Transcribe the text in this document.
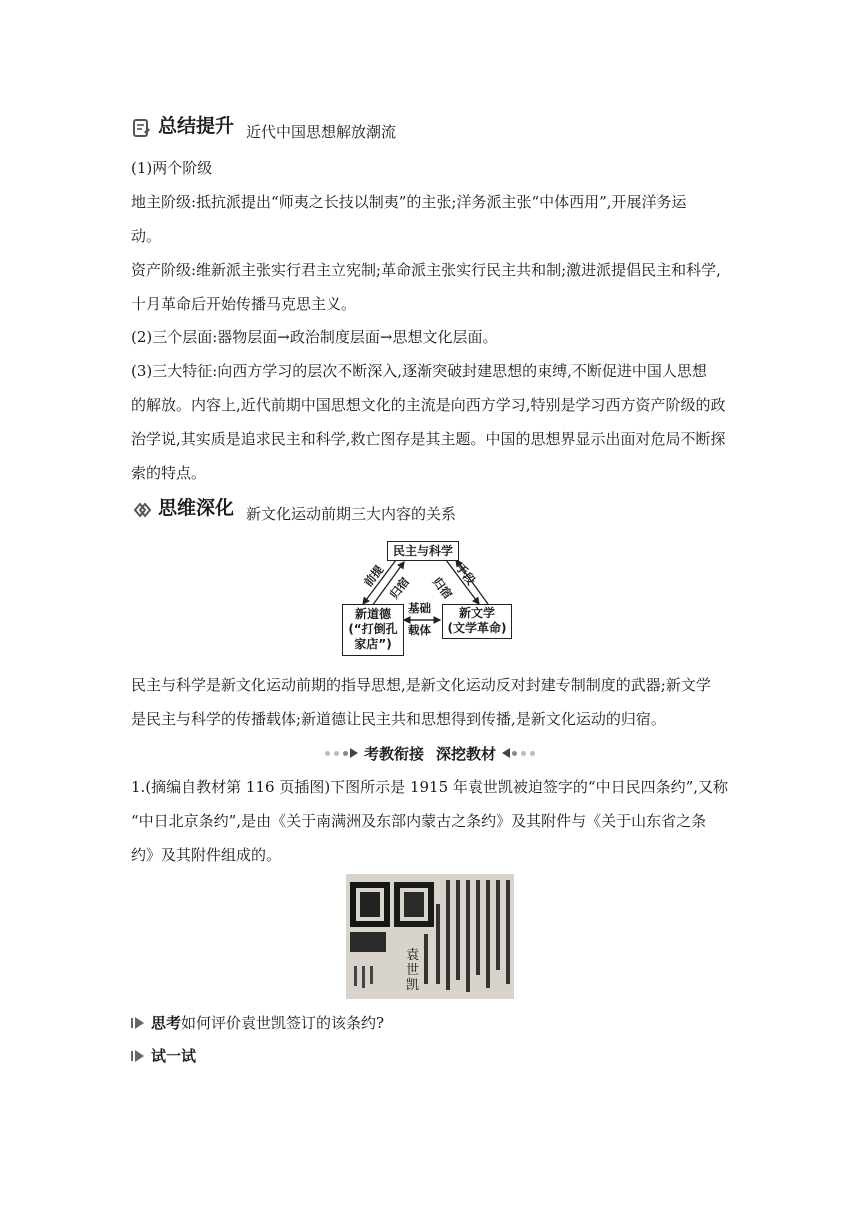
总结提升 近代中国思想解放潮流
(1)两个阶级
地主阶级:抵抗派提出“师夷之长技以制夷”的主张;洋务派主张“中体西用”,开展洋务运
动。
资产阶级:维新派主张实行君主立宪制;革命派主张实行民主共和制;激进派提倡民主和科学,
十月革命后开始传播马克思主义。
(2)三个层面:器物层面→政治制度层面→思想文化层面。
(3)三大特征:向西方学习的层次不断深入,逐渐突破封建思想的束缚,不断促进中国人思想
的解放。内容上,近代前期中国思想文化的主流是向西方学习,特别是学习西方资产阶级的政
治学说,其实质是追求民主和科学,救亡图存是其主题。中国的思想界显示出面对危局不断探
索的特点。
思维深化 新文化运动前期三大内容的关系
民主与科学
新道德
(“打倒孔
家店”)
新文学
(文学革命)
前提 归宿
手段
归宿
基础
载体
民主与科学是新文化运动前期的指导思想,是新文化运动反对封建专制制度的武器;新文学
是民主与科学的传播载体;新道德让民主共和思想得到传播,是新文化运动的归宿。
考教衔接 深挖教材
1.(摘编自教材第 116 页插图)下图所示是 1915 年袁世凯被迫签字的“中日民四条约”,又称
“中日北京条约”,是由《关于南满洲及东部内蒙古之条约》及其附件与《关于山东省之条
约》及其附件组成的。
袁世凯
思考 如何评价袁世凯签订的该条约?
试一试
